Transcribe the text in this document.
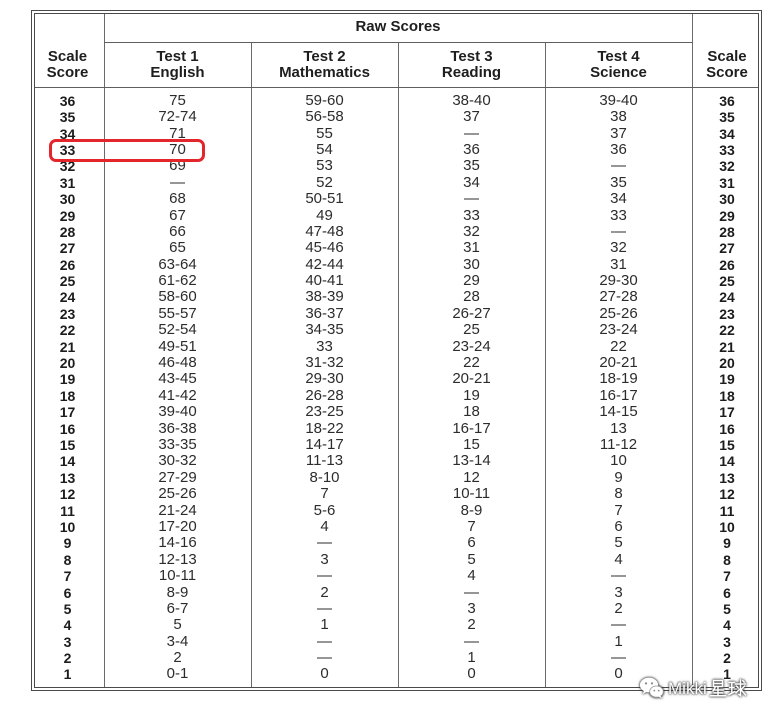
Raw Scores
Scale
Score
Test 1
English
Test 2
Mathematics
Test 3
Reading
Test 4
Science
Scale
Score
36	75	59-60	38-40	39-40	36
35	72-74	56-58	37	38	35
34	71	55	—	37	34
33	70	54	36	36	33
32	69	53	35	—	32
31	—	52	34	35	31
30	68	50-51	—	34	30
29	67	49	33	33	29
28	66	47-48	32	—	28
27	65	45-46	31	32	27
26	63-64	42-44	30	31	26
25	61-62	40-41	29	29-30	25
24	58-60	38-39	28	27-28	24
23	55-57	36-37	26-27	25-26	23
22	52-54	34-35	25	23-24	22
21	49-51	33	23-24	22	21
20	46-48	31-32	22	20-21	20
19	43-45	29-30	20-21	18-19	19
18	41-42	26-28	19	16-17	18
17	39-40	23-25	18	14-15	17
16	36-38	18-22	16-17	13	16
15	33-35	14-17	15	11-12	15
14	30-32	11-13	13-14	10	14
13	27-29	8-10	12	9	13
12	25-26	7	10-11	8	12
11	21-24	5-6	8-9	7	11
10	17-20	4	7	6	10
9	14-16	—	6	5	9
8	12-13	3	5	4	8
7	10-11	—	4	—	7
6	8-9	2	—	3	6
5	6-7	—	3	2	5
4	5	1	2	—	4
3	3-4	—	—	1	3
2	2	—	1	—	2
1	0-1	0	0	0	1
Mikki
